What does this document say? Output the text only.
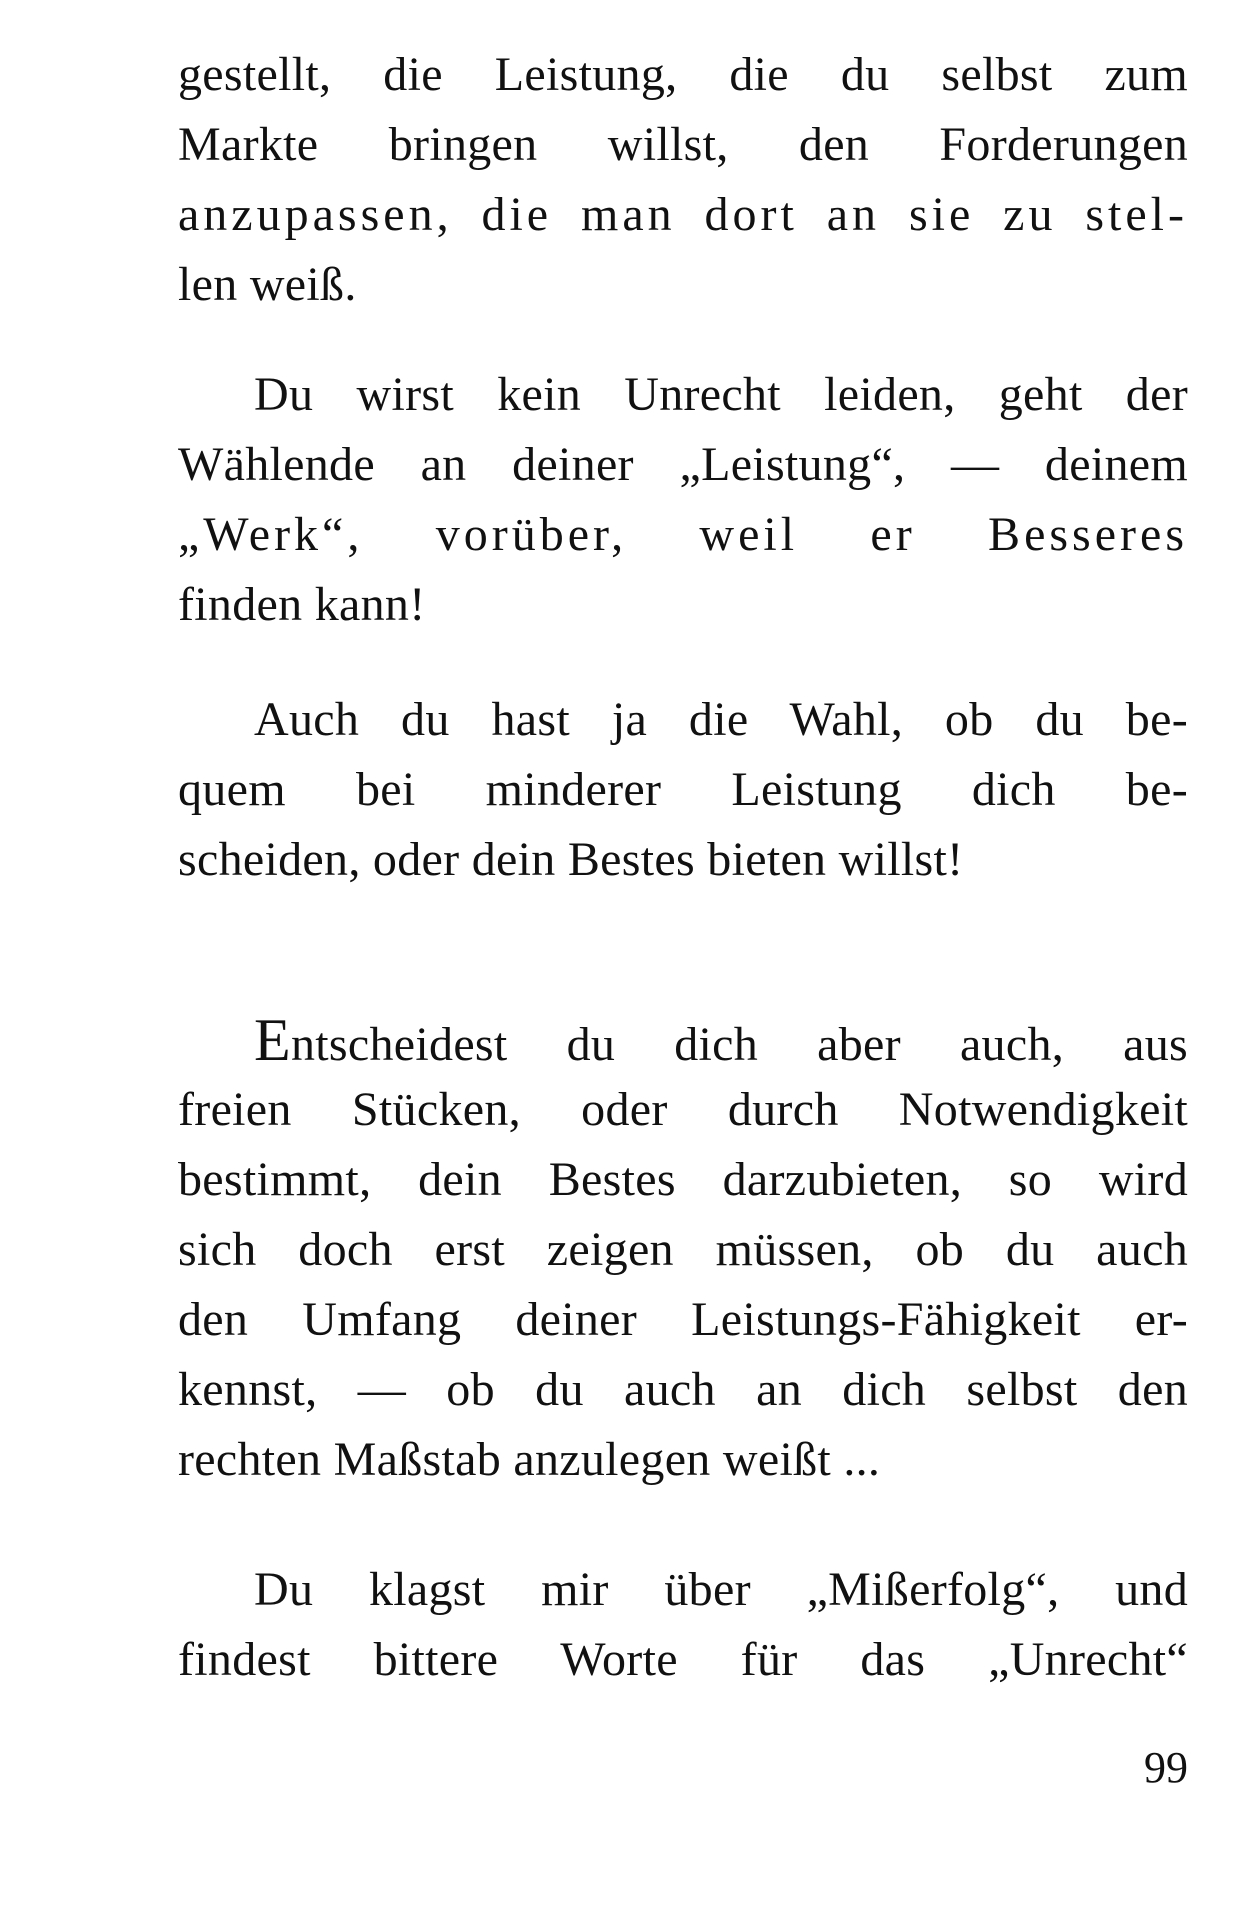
gestellt, die Leistung, die du selbst zum
Markte bringen willst, den Forderungen
anzupassen, die man dort an sie zu stel-
len weiß.
Du wirst kein Unrecht leiden, geht der
Wählende an deiner „Leistung“, — deinem
„Werk“, vorüber, weil er Besseres
finden kann!
Auch du hast ja die Wahl, ob du be-
quem bei minderer Leistung dich be-
scheiden, oder dein Bestes bieten willst!
Entscheidest du dich aber auch, aus
freien Stücken, oder durch Notwendigkeit
bestimmt, dein Bestes darzubieten, so wird
sich doch erst zeigen müssen, ob du auch
den Umfang deiner Leistungs-Fähigkeit er-
kennst, — ob du auch an dich selbst den
rechten Maßstab anzulegen weißt ...
Du klagst mir über „Mißerfolg“, und
findest bittere Worte für das „Unrecht“
99
